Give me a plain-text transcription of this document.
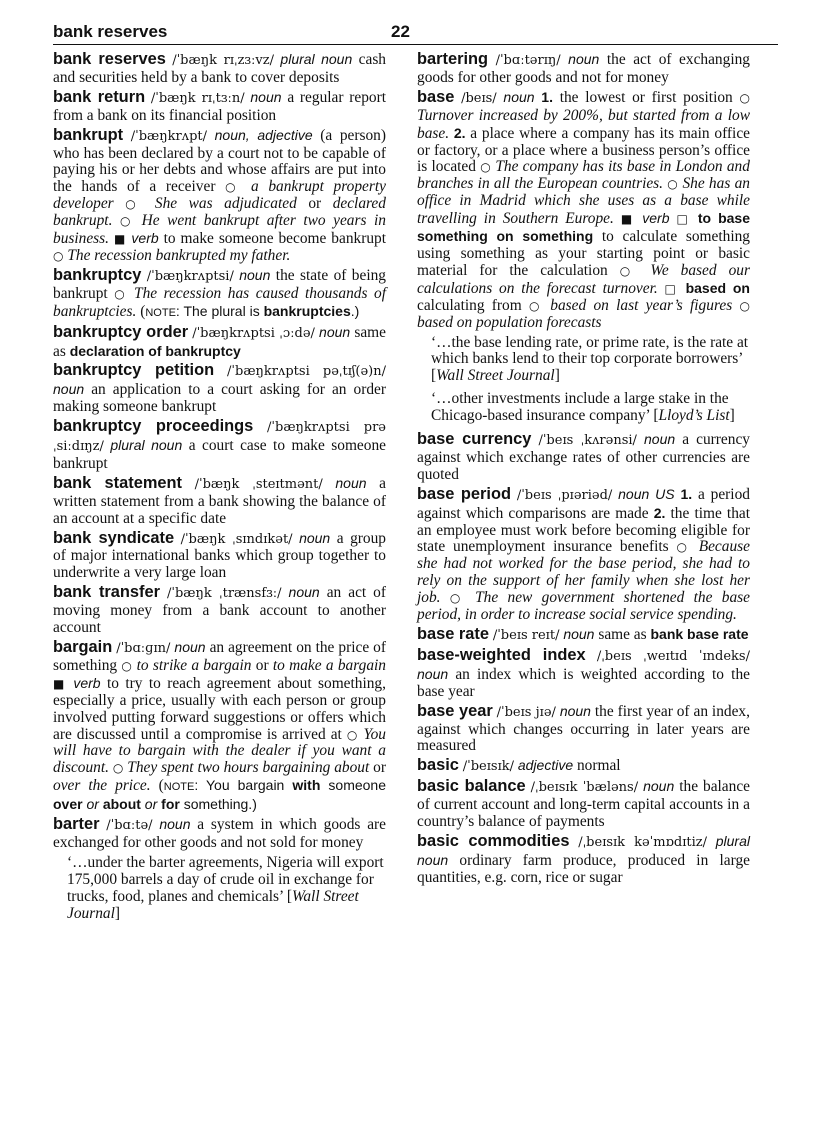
bank reserves	22

bank reserves /ˈbæŋk rɪˌzɜːvz/ plural noun cash and securities held by a bank to cover deposits

bank return /ˈbæŋk rɪˌtɜːn/ noun a regular report from a bank on its financial position

bankrupt /ˈbæŋkrʌpt/ noun, adjective (a person) who has been declared by a court not to be capable of paying his or her debts and whose affairs are put into the hands of a receiver ○ a bankrupt property developer ○ She was adjudicated or declared bankrupt. ○ He went bankrupt after two years in business. ■ verb to make someone become bankrupt ○ The recession bankrupted my father.

bankruptcy /ˈbæŋkrʌptsi/ noun the state of being bankrupt ○ The recession has caused thousands of bankruptcies. (NOTE: The plural is bankruptcies.)

bankruptcy order /ˈbæŋkrʌptsi ˌɔːdə/ noun same as declaration of bankruptcy

bankruptcy petition /ˈbæŋkrʌptsi pəˌtɪʃ(ə)n/ noun an application to a court asking for an order making someone bankrupt

bankruptcy proceedings /ˈbæŋkrʌptsi prəˌsiːdɪŋz/ plural noun a court case to make someone bankrupt

bank statement /ˈbæŋk ˌsteɪtmənt/ noun a written statement from a bank showing the balance of an account at a specific date

bank syndicate /ˈbæŋk ˌsɪndɪkət/ noun a group of major international banks which group together to underwrite a very large loan

bank transfer /ˈbæŋk ˌtrænsfɜː/ noun an act of moving money from a bank account to another account

bargain /ˈbɑːɡɪn/ noun an agreement on the price of something ○ to strike a bargain or to make a bargain ■ verb to try to reach agreement about something, especially a price, usually with each person or group involved putting forward suggestions or offers which are discussed until a compromise is arrived at ○ You will have to bargain with the dealer if you want a discount. ○ They spent two hours bargaining about or over the price. (NOTE: You bargain with someone over or about or for something.)

barter /ˈbɑːtə/ noun a system in which goods are exchanged for other goods and not sold for money

‘…under the barter agreements, Nigeria will export 175,000 barrels a day of crude oil in exchange for trucks, food, planes and chemicals’ [Wall Street Journal]

bartering /ˈbɑːtərɪŋ/ noun the act of exchanging goods for other goods and not for money

base /beɪs/ noun 1. the lowest or first position ○ Turnover increased by 200%, but started from a low base. 2. a place where a company has its main office or factory, or a place where a business person’s office is located ○ The company has its base in London and branches in all the European countries. ○ She has an office in Madrid which she uses as a base while travelling in Southern Europe. ■ verb □ to base something on something to calculate something using something as your starting point or basic material for the calculation ○ We based our calculations on the forecast turnover. □ based on calculating from ○ based on last year’s figures ○ based on population forecasts

‘…the base lending rate, or prime rate, is the rate at which banks lend to their top corporate borrowers’ [Wall Street Journal]

‘…other investments include a large stake in the Chicago-based insurance company’ [Lloyd’s List]

base currency /ˈbeɪs ˌkʌrənsi/ noun a currency against which exchange rates of other currencies are quoted

base period /ˈbeɪs ˌpɪəriəd/ noun US 1. a period against which comparisons are made 2. the time that an employee must work before becoming eligible for state unemployment insurance benefits ○ Because she had not worked for the base period, she had to rely on the support of her family when she lost her job. ○ The new government shortened the base period, in order to increase social service spending.

base rate /ˈbeɪs reɪt/ noun same as bank base rate

base-weighted index /ˌbeɪs ˌweɪtɪd ˈɪndeks/ noun an index which is weighted according to the base year

base year /ˈbeɪs jɪə/ noun the first year of an index, against which changes occurring in later years are measured

basic /ˈbeɪsɪk/ adjective normal

basic balance /ˌbeɪsɪk ˈbæləns/ noun the balance of current account and long-term capital accounts in a country’s balance of payments

basic commodities /ˌbeɪsɪk kəˈmɒdɪtiz/ plural noun ordinary farm produce, produced in large quantities, e.g. corn, rice or sugar
